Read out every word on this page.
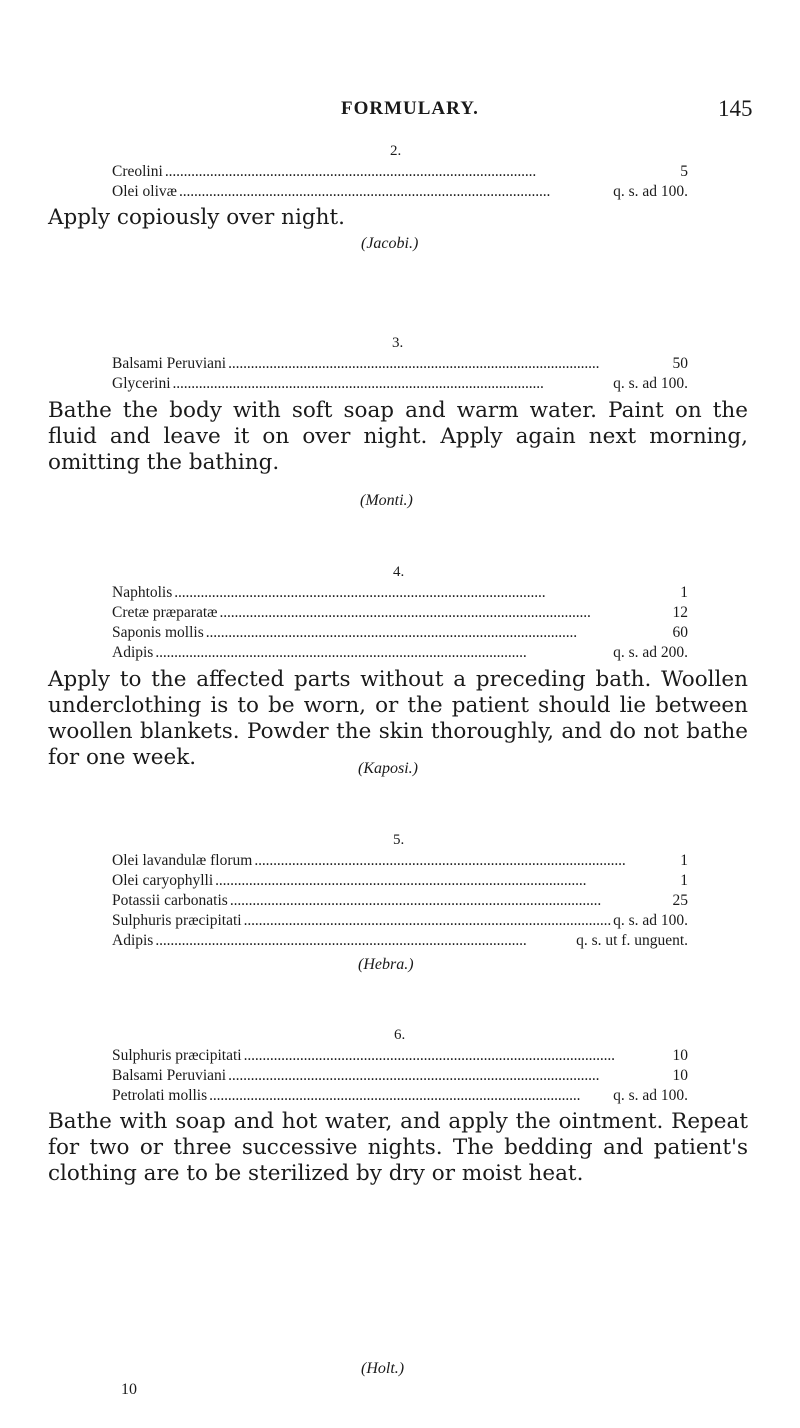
FORMULARY.	145
2.
Creolini . . .	5
Olei olivæ . . .	q. s. ad 100.
Apply copiously over night.
(Jacobi.)
3.
Balsami Peruviani . . .	50
Glycerini . . .	q. s. ad 100.
Bathe the body with soft soap and warm water. Paint on the fluid and leave it on over night. Apply again next morning, omitting the bathing.
(Monti.)
4.
Naphtolis . . .	1
Cretæ præparatæ . . .	12
Saponis mollis . . .	60
Adipis . . .	q. s. ad 200.
Apply to the affected parts without a preceding bath. Woollen underclothing is to be worn, or the patient should lie between woollen blankets. Powder the skin thoroughly, and do not bathe for one week.	(Kaposi.)
5.
Olei lavandulæ florum . . .	1
Olei caryophylli . . .	1
Potassii carbonatis . . .	25
Sulphuris præcipitati . . .	q. s. ad 100.
Adipis . . .	q. s. ut f. unguent.
(Hebra.)
6.
Sulphuris præcipitati . . .	10
Balsami Peruviani . . .	10
Petrolati mollis . . .	q. s. ad 100.
Bathe with soap and hot water, and apply the ointment. Repeat for two or three successive nights. The bedding and patient's clothing are to be sterilized by dry or moist heat.
(Holt.)
10
